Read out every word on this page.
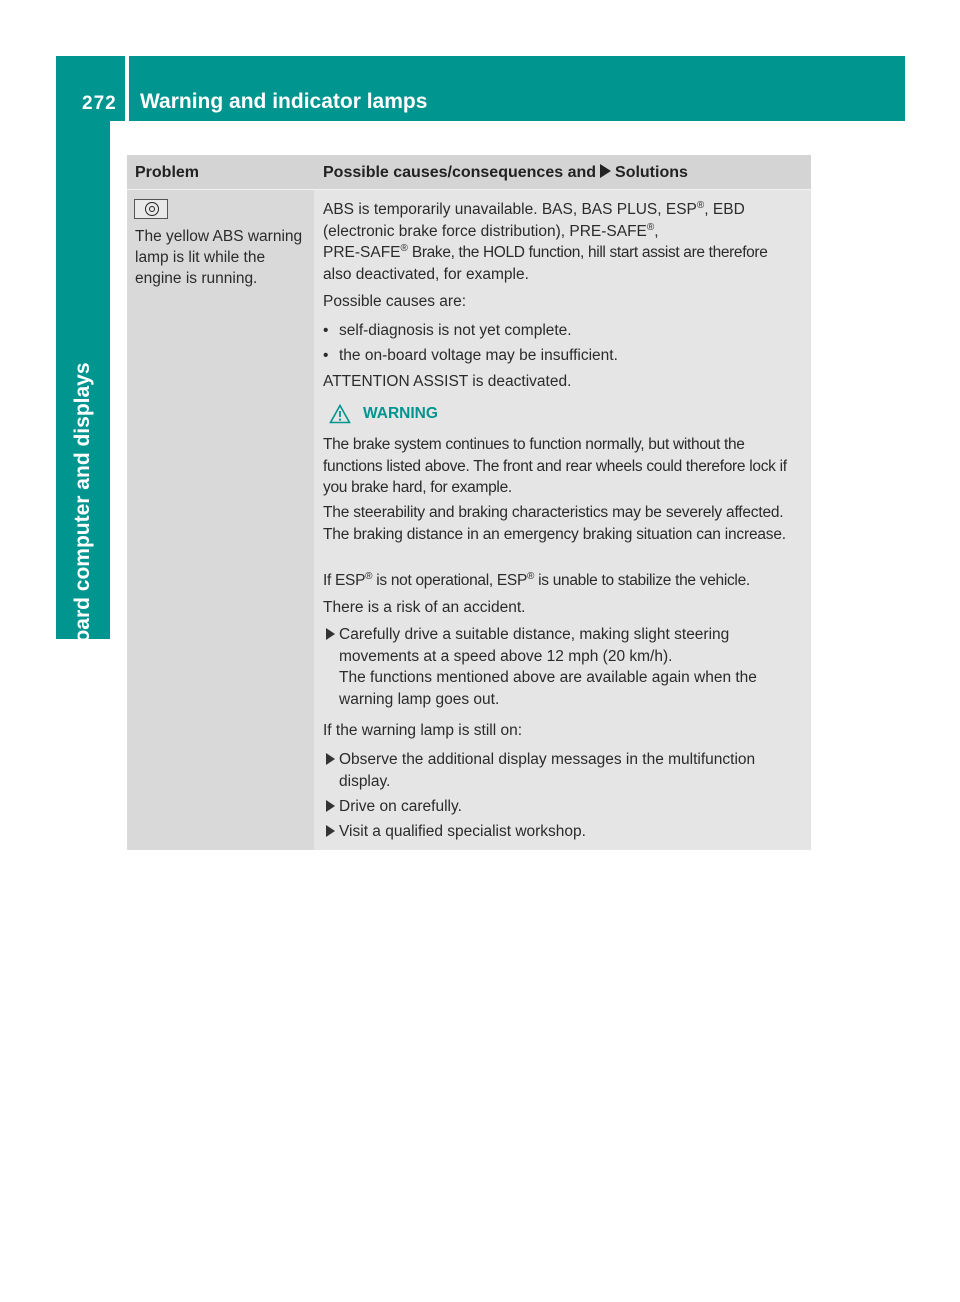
272 Warning and indicator lamps
On-board computer and displays
Problem	Possible causes/consequences and Solutions
The yellow ABS warning lamp is lit while the engine is running.
ABS is temporarily unavailable. BAS, BAS PLUS, ESP®, EBD
(electronic brake force distribution), PRE-SAFE®,
PRE-SAFE® Brake, the HOLD function, hill start assist are therefore
also deactivated, for example.
Possible causes are:
• self-diagnosis is not yet complete.
• the on-board voltage may be insufficient.
ATTENTION ASSIST is deactivated.
WARNING
The brake system continues to function normally, but without the functions listed above. The front and rear wheels could therefore lock if you brake hard, for example.
The steerability and braking characteristics may be severely affected. The braking distance in an emergency braking situation can increase.
If ESP® is not operational, ESP® is unable to stabilize the vehicle.
There is a risk of an accident.
Carefully drive a suitable distance, making slight steering movements at a speed above 12 mph (20 km/h).
The functions mentioned above are available again when the warning lamp goes out.
If the warning lamp is still on:
Observe the additional display messages in the multifunction display.
Drive on carefully.
Visit a qualified specialist workshop.
